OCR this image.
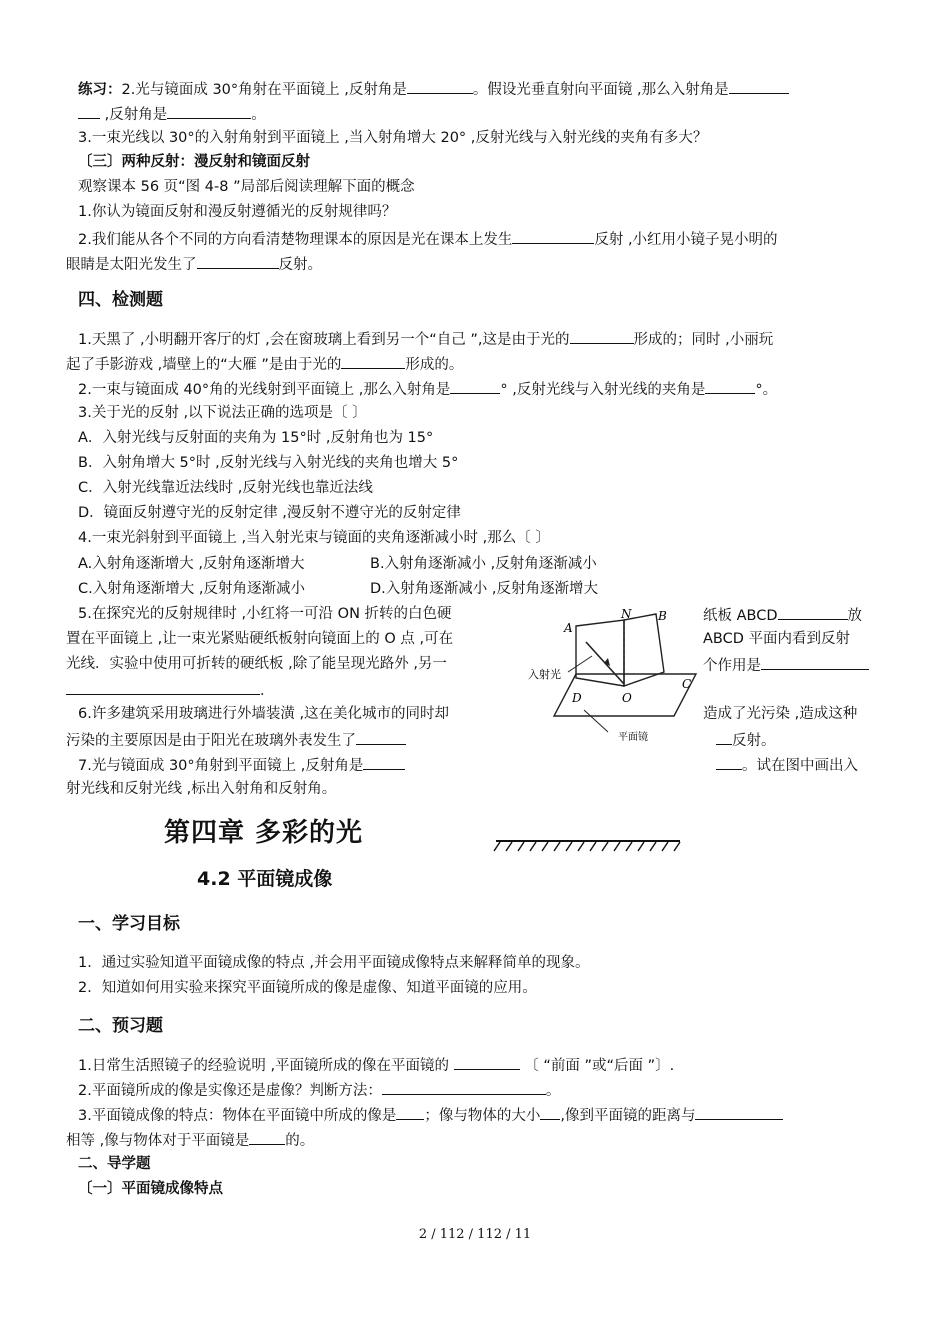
练习：2.光与镜面成 30°角射在平面镜上 ,反射角是	。假设光垂直射向平面镜 ,那么入射角是
,反射角是	。
3.一束光线以 30°的入射角射到平面镜上 ,当入射角增大 20° ,反射光线与入射光线的夹角有多大？
〔三〕两种反射：漫反射和镜面反射
观察课本 56 页“图 4-8 ”局部后阅读理解下面的概念
1.你认为镜面反射和漫反射遵循光的反射规律吗？
2.我们能从各个不同的方向看清楚物理课本的原因是光在课本上发生	反射 ,小红用小镜子晃小明的
眼睛是太阳光发生了	反射。
四、检测题
1.天黑了 ,小明翻开客厅的灯 ,会在窗玻璃上看到另一个“自己 ”,这是由于光的	形成的；同时 ,小丽玩
起了手影游戏 ,墙壁上的“大雁 ”是由于光的	形成的。
2.一束与镜面成 40°角的光线射到平面镜上 ,那么入射角是	° ,反射光线与入射光线的夹角是	°。
3.关于光的反射 ,以下说法正确的选项是〔 〕
A．入射光线与反射面的夹角为 15°时 ,反射角也为 15°
B．入射角增大 5°时 ,反射光线与入射光线的夹角也增大 5°
C．入射光线靠近法线时 ,反射光线也靠近法线
D．镜面反射遵守光的反射定律 ,漫反射不遵守光的反射定律
4.一束光斜射到平面镜上 ,当入射光束与镜面的夹角逐渐减小时 ,那么〔 〕
A.入射角逐渐增大 ,反射角逐渐增大	B.入射角逐渐减小 ,反射角逐渐减小
C.入射角逐渐增大 ,反射角逐渐减小	D.入射角逐渐减小 ,反射角逐渐增大
5.在探究光的反射规律时 ,小红将一可沿 ON 折转的白色硬	纸板 ABCD	放
置在平面镜上 ,让一束光紧贴硬纸板射向镜面上的 O 点 ,可在	ABCD 平面内看到反射
光线．实验中使用可折转的硬纸板 ,除了能呈现光路外 ,另一	个作用是
．
6.许多建筑采用玻璃进行外墙装潢 ,这在美化城市的同时却	造成了光污染 ,造成这种
污染的主要原因是由于阳光在玻璃外表发生了	反射。
7.光与镜面成 30°角射到平面镜上 ,反射角是	。试在图中画出入
射光线和反射光线 ,标出入射角和反射角。
A
N B
C
D	O
入射光
平面镜
第四章 多彩的光
4.2 平面镜成像
一、学习目标
1．通过实验知道平面镜成像的特点 ,并会用平面镜成像特点来解释简单的现象。
2．知道如何用实验来探究平面镜所成的像是虚像、知道平面镜的应用。
二、预习题
1.日常生活照镜子的经验说明 ,平面镜所成的像在平面镜的	〔 “前面 ”或“后面 ”〕.
2.平面镜所成的像是实像还是虚像？判断方法：	。
3.平面镜成像的特点：物体在平面镜中所成的像是 ；像与物体的大小 ,像到平面镜的距离与
相等 ,像与物体对于平面镜是 的。
二、导学题
〔一〕平面镜成像特点
2 / 112 / 112 / 11
